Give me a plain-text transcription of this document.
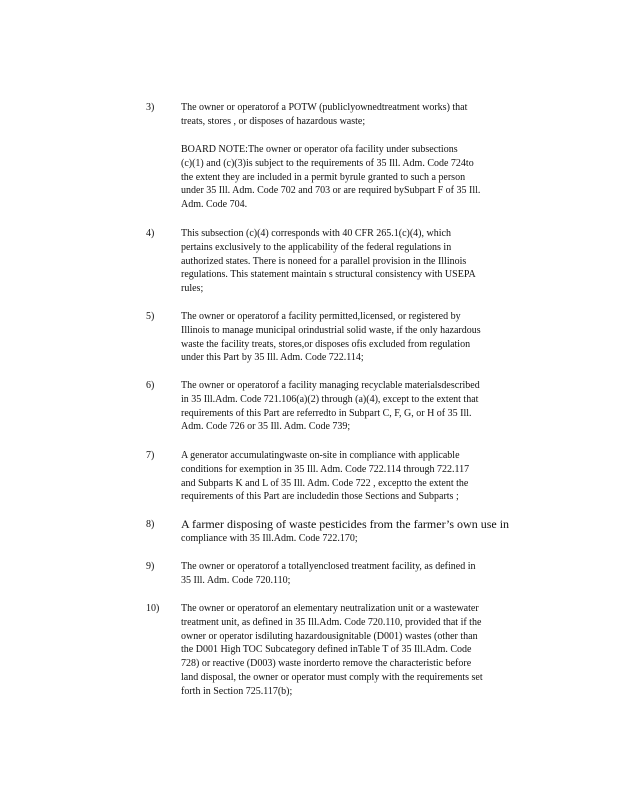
3)	The owner or operatorof a POTW (publiclyownedtreatment works) that
treats, stores , or disposes of hazardous waste;
BOARD NOTE:The owner or operator ofa facility under subsections
(c)(1) and (c)(3)is subject to the requirements of 35 Ill. Adm. Code 724to
the extent they are included in a permit byrule granted to such a person
under 35 Ill. Adm. Code 702 and 703 or are required bySubpart F of 35 Ill.
Adm. Code 704.
4)	This subsection (c)(4) corresponds with 40 CFR 265.1(c)(4), which
pertains exclusively to the applicability of the federal regulations in
authorized states. There is noneed for a parallel provision in the Illinois
regulations. This statement maintain s structural consistency with USEPA
rules;
5)	The owner or operatorof a facility permitted,licensed, or registered by
Illinois to manage municipal orindustrial solid waste, if the only hazardous
waste the facility treats, stores,or disposes ofis excluded from regulation
under this Part by 35 Ill. Adm. Code 722.114;
6)	The owner or operatorof a facility managing recyclable materialsdescribed
in 35 Ill.Adm. Code 721.106(a)(2) through (a)(4), except to the extent that
requirements of this Part are referredto in Subpart C, F, G, or H of 35 Ill.
Adm. Code 726 or 35 Ill. Adm. Code 739;
7)	A generator accumulatingwaste on-site in compliance with applicable
conditions for exemption in 35 Ill. Adm. Code 722.114 through 722.117
and Subparts K and L of 35 Ill. Adm. Code 722 , exceptto the extent the
requirements of this Part are includedin those Sections and Subparts ;
8) A farmer disposing of waste pesticides from the farmer’s own use in
compliance with 35 Ill.Adm. Code 722.170;
9)	The owner or operatorof a totallyenclosed treatment facility, as defined in
35 Ill. Adm. Code 720.110;
10) The owner or operatorof an elementary neutralization unit or a wastewater
treatment unit, as defined in 35 Ill.Adm. Code 720.110, provided that if the
owner or operator isdiluting hazardousignitable (D001) wastes (other than
the D001 High TOC Subcategory defined inTable T of 35 Ill.Adm. Code
728) or reactive (D003) waste inorderto remove the characteristic before
land disposal, the owner or operator must comply with the requirements set
forth in Section 725.117(b);
